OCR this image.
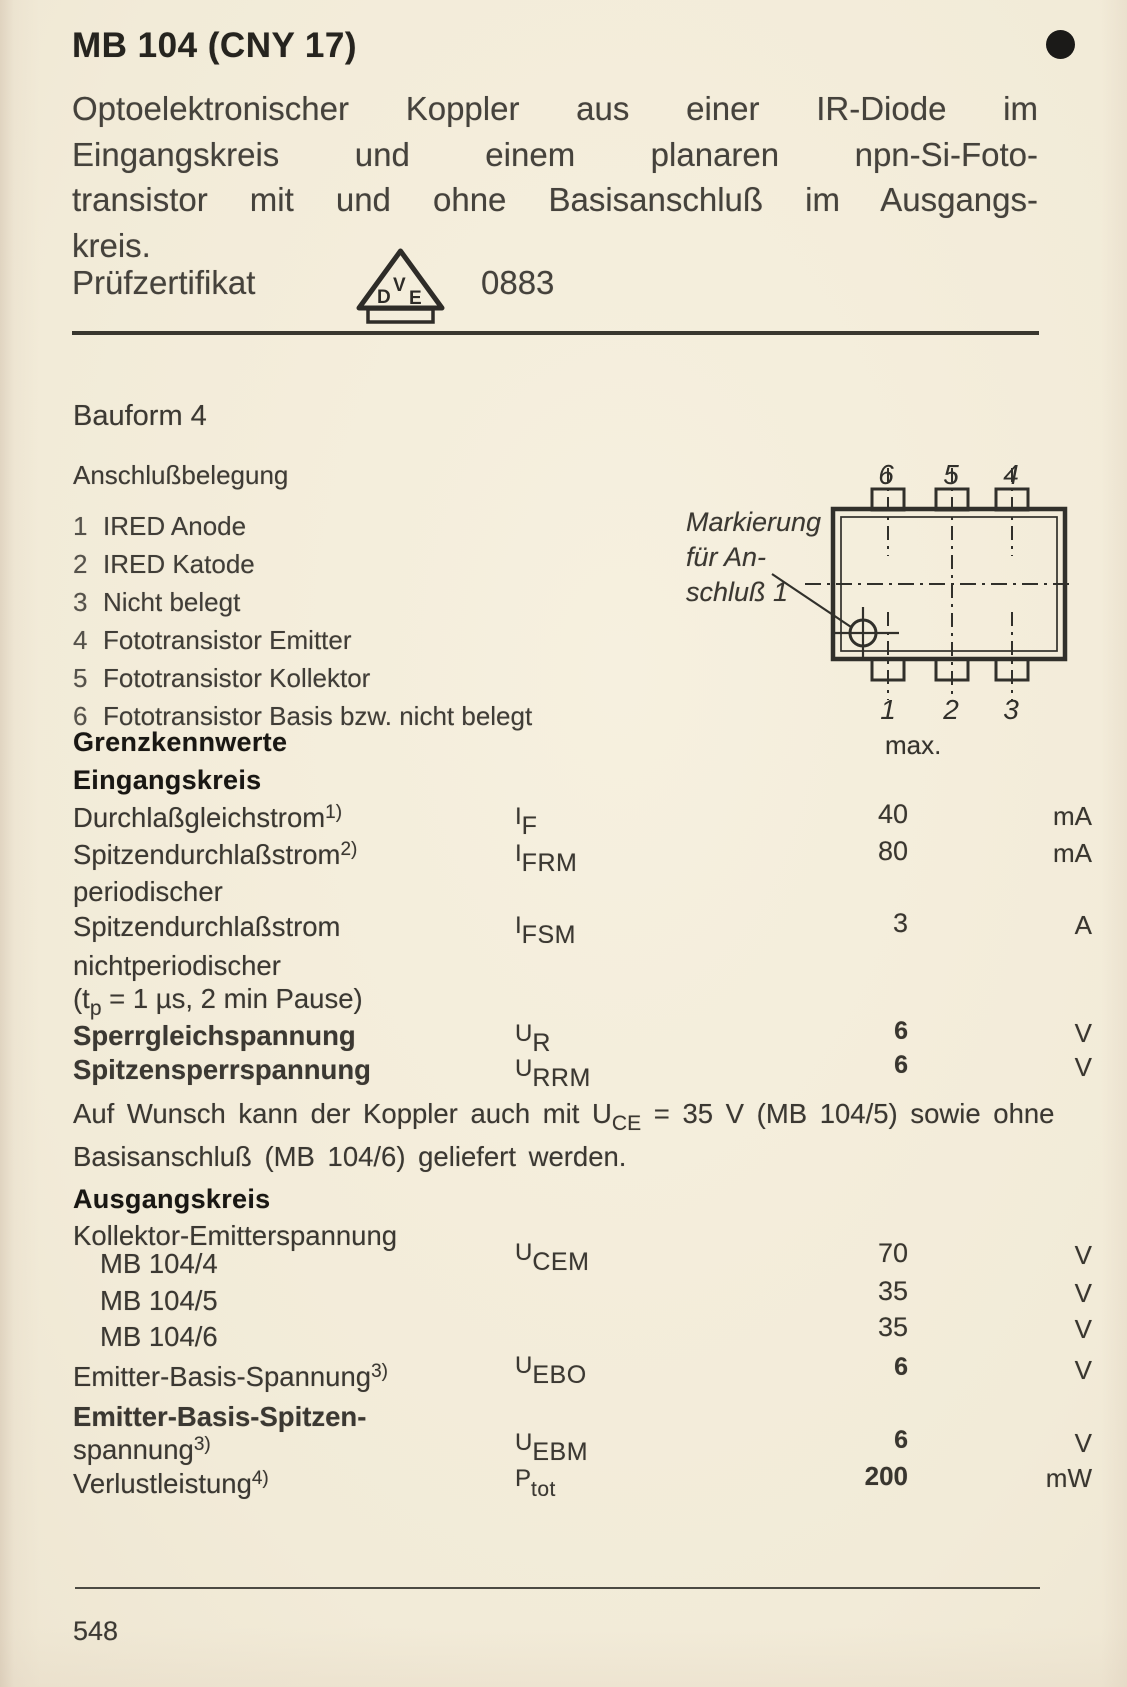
MB 104 (CNY 17)
Optoelektronischer Koppler aus einer IR-Diode im
Eingangskreis und einem planaren npn-Si-Foto-
transistor mit und ohne Basisanschluß im Ausgangs-
kreis.
Prüfzertifikat	D
V
E 0883
Bauform 4
Anschlußbelegung
1 IRED Anode
2 IRED Katode
3 Nicht belegt
4 Fototransistor Emitter
5 Fototransistor Kollektor
6 Fototransistor Basis bzw. nicht belegt
Markierung
für An-
schluß 1
6 5 4
1 2 3
Grenzkennwerte	max.
Eingangskreis
Durchlaßgleichstrom$^{1)}$	IF	40	mA
Spitzendurchlaßstrom$^{2)}$	IFRM	80	mA
periodischer
Spitzendurchlaßstrom	IFSM	3	A
nichtperiodischer
($t_p = 1$ µs, 2 min Pause)
Sperrgleichspannung	UR	6	V
Spitzensperrspannung	URRM	6	V
Auf Wunsch kann der Koppler auch mit $U_{CE} = 35$ V (MB 104/5) sowie ohne
Basisanschluß (MB 104/6) geliefert werden.
Ausgangskreis
Kollektor-Emitterspannung
MB 104/4	UCEM	70	V
MB 104/5	35	V
MB 104/6	35	V
Emitter-Basis-Spannung$^{3)}$	UEBO	6	V
Emitter-Basis-Spitzen-
spannung$^{3)}$	UEBM	6	V
Verlustleistung$^{4)}$	Ptot	200	mW
548
